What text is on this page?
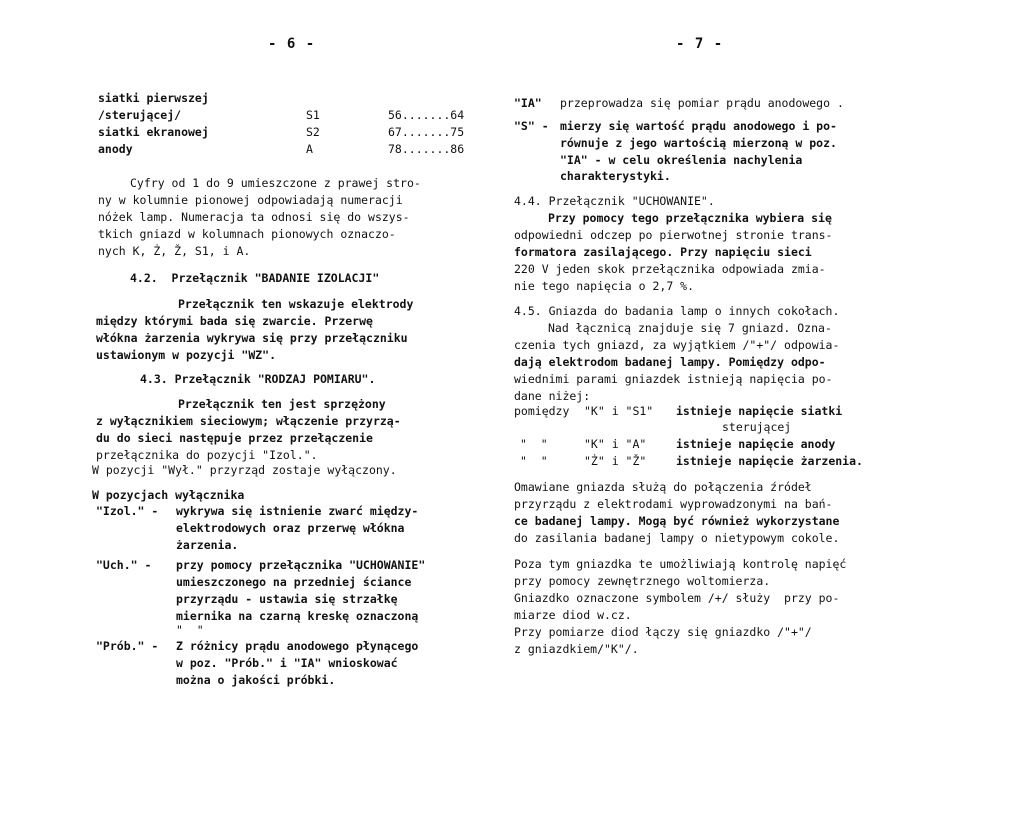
- 6 -
siatki pierwszej
/sterującej/	S1	56.......64
siatki ekranowej	S2	67.......75
anody	A	78.......86
Cyfry od 1 do 9 umieszczone z prawej stro-
ny w kolumnie pionowej odpowiadają numeracji
nóżek lamp. Numeracja ta odnosi się do wszys-
tkich gniazd w kolumnach pionowych oznaczo-
nych K, Ż, Ž, S1, i A.
4.2.  Przełącznik "BADANIE IZOLACJI"
Przełącznik ten wskazuje elektrody
między którymi bada się zwarcie. Przerwę
włókna żarzenia wykrywa się przy przełączniku
ustawionym w pozycji "WZ".
4.3. Przełącznik "RODZAJ POMIARU".
Przełącznik ten jest sprzężony
z wyłącznikiem sieciowym; włączenie przyrzą-
du do sieci następuje przez przełączenie
przełącznika do pozycji "Izol.".
W pozycji "Wył." przyrząd zostaje wyłączony.
W pozycjach wyłącznika
"Izol." - wykrywa się istnienie zwarć między-
elektrodowych oraz przerwę włókna
żarzenia.
"Uch." - przy pomocy przełącznika "UCHOWANIE"
umieszczonego na przedniej ściance
przyrządu - ustawia się strzałkę
miernika na czarną kreskę oznaczoną
"  "
"Prób." - Z różnicy prądu anodowego płynącego
w poz. "Prób." i "IA" wnioskować
można o jakości próbki.
- 7 -
"IA" przeprowadza się pomiar prądu anodowego .
"S" - mierzy się wartość prądu anodowego i po-
równuje z jego wartością mierzoną w poz.
"IA" - w celu określenia nachylenia
charakterystyki.
4.4. Przełącznik "UCHOWANIE".
Przy pomocy tego przełącznika wybiera się
odpowiedni odczep po pierwotnej stronie trans-
formatora zasilającego. Przy napięciu sieci
220 V jeden skok przełącznika odpowiada zmia-
nie tego napięcia o 2,7 %.
4.5. Gniazda do badania lamp o innych cokołach.
Nad łącznicą znajduje się 7 gniazd. Ozna-
czenia tych gniazd, za wyjątkiem /"+"/ odpowia-
dają elektrodom badanej lampy. Pomiędzy odpo-
wiednimi parami gniazdek istnieją napięcia po-
dane niżej:
pomiędzy "K" i "S1" istnieje napięcie siatki
sterującej
"  "	"K" i "A"	istnieje napięcie anody
"  "	"Ż" i "Ž"	istnieje napięcie żarzenia.
Omawiane gniazda służą do połączenia źródeł
przyrządu z elektrodami wyprowadzonymi na bań-
ce badanej lampy. Mogą być również wykorzystane
do zasilania badanej lampy o nietypowym cokole.
Poza tym gniazdka te umożliwiają kontrolę napięć
przy pomocy zewnętrznego woltomierza.
Gniazdko oznaczone symbolem /+/ służy  przy po-
miarze diod w.cz.
Przy pomiarze diod łączy się gniazdko /"+"/
z gniazdkiem/"K"/.
